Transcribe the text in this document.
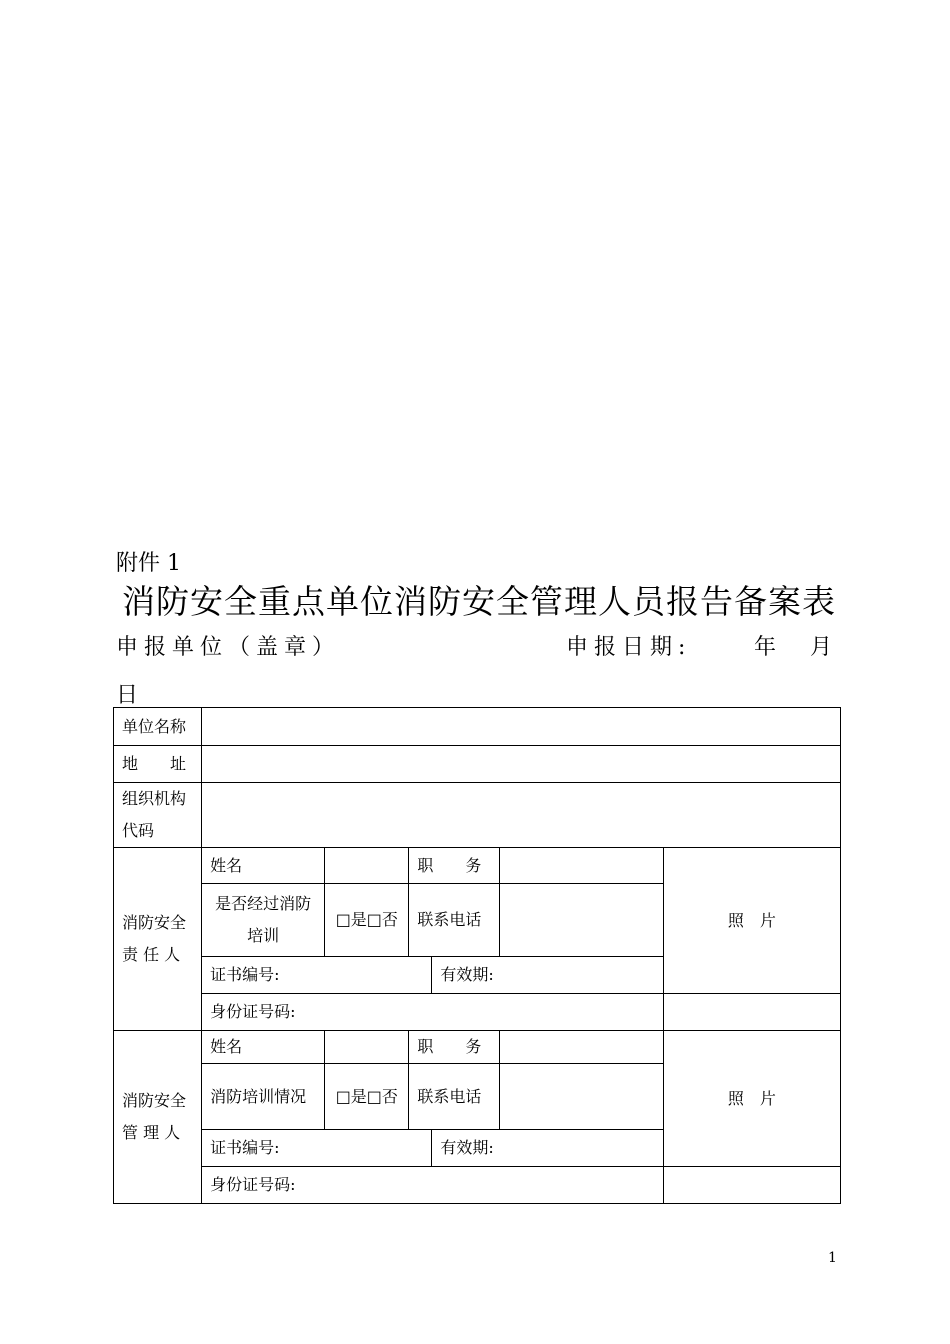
附件 1
消防安全重点单位消防安全管理人员报告备案表
申报单位（盖章）	申报日期:	年 月
日
单位名称						
地　　址						
组织机构代码						
消防安全责 任 人	姓名		职　　务			照　片
	是否经过消防培训	□是□否	联系电话			
	证书编号:			有效期:		
	身份证号码:					
消防安全管 理 人	姓名		职　　务			照　片
	消防培训情况	□是□否	联系电话			
	证书编号:			有效期:		
	身份证号码:					
1
